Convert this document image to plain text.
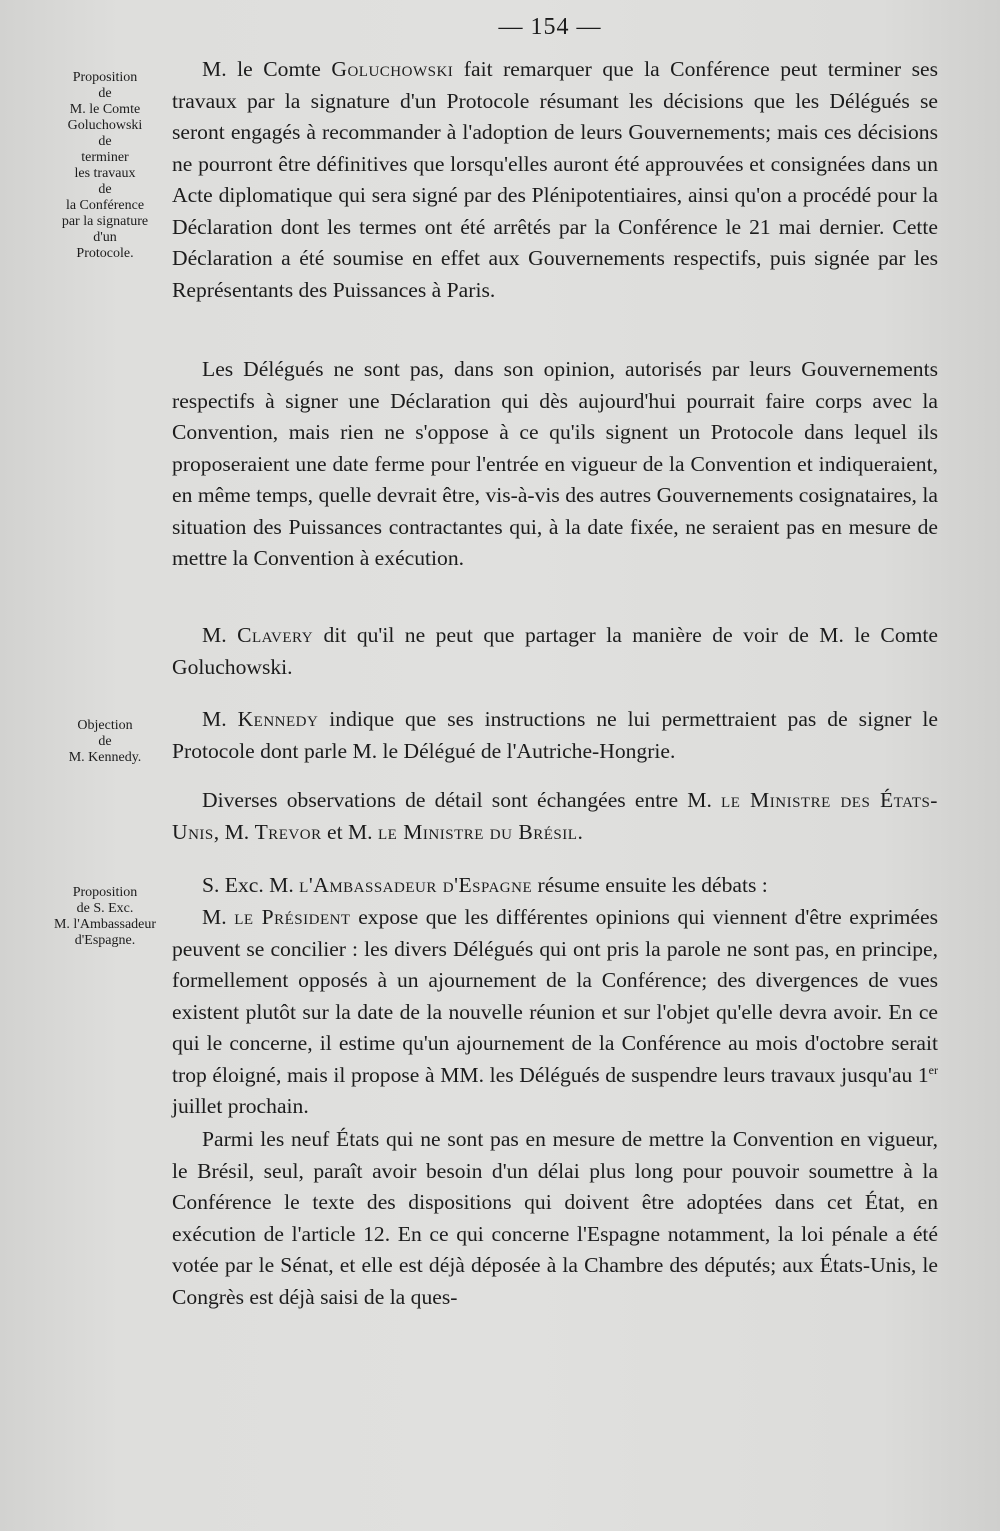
— 154 —
Proposition
de
M. le Comte
Goluchowski
de
terminer
les travaux
de
la Conférence
par la signature
d'un
Protocole.
Objection
de
M. Kennedy.
Proposition
de S. Exc.
M. l'Ambassadeur
d'Espagne.

M. le Comte Goluchowski fait remarquer que la Conférence peut terminer ses travaux par la signature d'un Protocole résumant les décisions que les Délégués se seront engagés à recommander à l'adoption de leurs Gouvernements; mais ces décisions ne pourront être définitives que lorsqu'elles auront été approuvées et consignées dans un Acte diplomatique qui sera signé par des Plénipotentiaires, ainsi qu'on a procédé pour la Déclaration dont les termes ont été arrêtés par la Conférence le 21 mai dernier. Cette Déclaration a été soumise en effet aux Gouvernements respectifs, puis signée par les Représentants des Puissances à Paris.

Les Délégués ne sont pas, dans son opinion, autorisés par leurs Gouvernements respectifs à signer une Déclaration qui dès aujourd'hui pourrait faire corps avec la Convention, mais rien ne s'oppose à ce qu'ils signent un Protocole dans lequel ils proposeraient une date ferme pour l'entrée en vigueur de la Convention et indiqueraient, en même temps, quelle devrait être, vis-à-vis des autres Gouvernements cosignataires, la situation des Puissances contractantes qui, à la date fixée, ne seraient pas en mesure de mettre la Convention à exécution.

M. Clavery dit qu'il ne peut que partager la manière de voir de M. le Comte Goluchowski.

M. Kennedy indique que ses instructions ne lui permettraient pas de signer le Protocole dont parle M. le Délégué de l'Autriche-Hongrie.

Diverses observations de détail sont échangées entre M. le Ministre des États-Unis, M. Trevor et M. le Ministre du Brésil.

S. Exc. M. l'Ambassadeur d'Espagne résume ensuite les débats :

M. le Président expose que les différentes opinions qui viennent d'être exprimées peuvent se concilier : les divers Délégués qui ont pris la parole ne sont pas, en principe, formellement opposés à un ajournement de la Conférence; des divergences de vues existent plutôt sur la date de la nouvelle réunion et sur l'objet qu'elle devra avoir. En ce qui le concerne, il estime qu'un ajournement de la Conférence au mois d'octobre serait trop éloigné, mais il propose à MM. les Délégués de suspendre leurs travaux jusqu'au 1er juillet prochain.

Parmi les neuf États qui ne sont pas en mesure de mettre la Convention en vigueur, le Brésil, seul, paraît avoir besoin d'un délai plus long pour pouvoir soumettre à la Conférence le texte des dispositions qui doivent être adoptées dans cet État, en exécution de l'article 12. En ce qui concerne l'Espagne notamment, la loi pénale a été votée par le Sénat, et elle est déjà déposée à la Chambre des députés; aux États-Unis, le Congrès est déjà saisi de la ques-
